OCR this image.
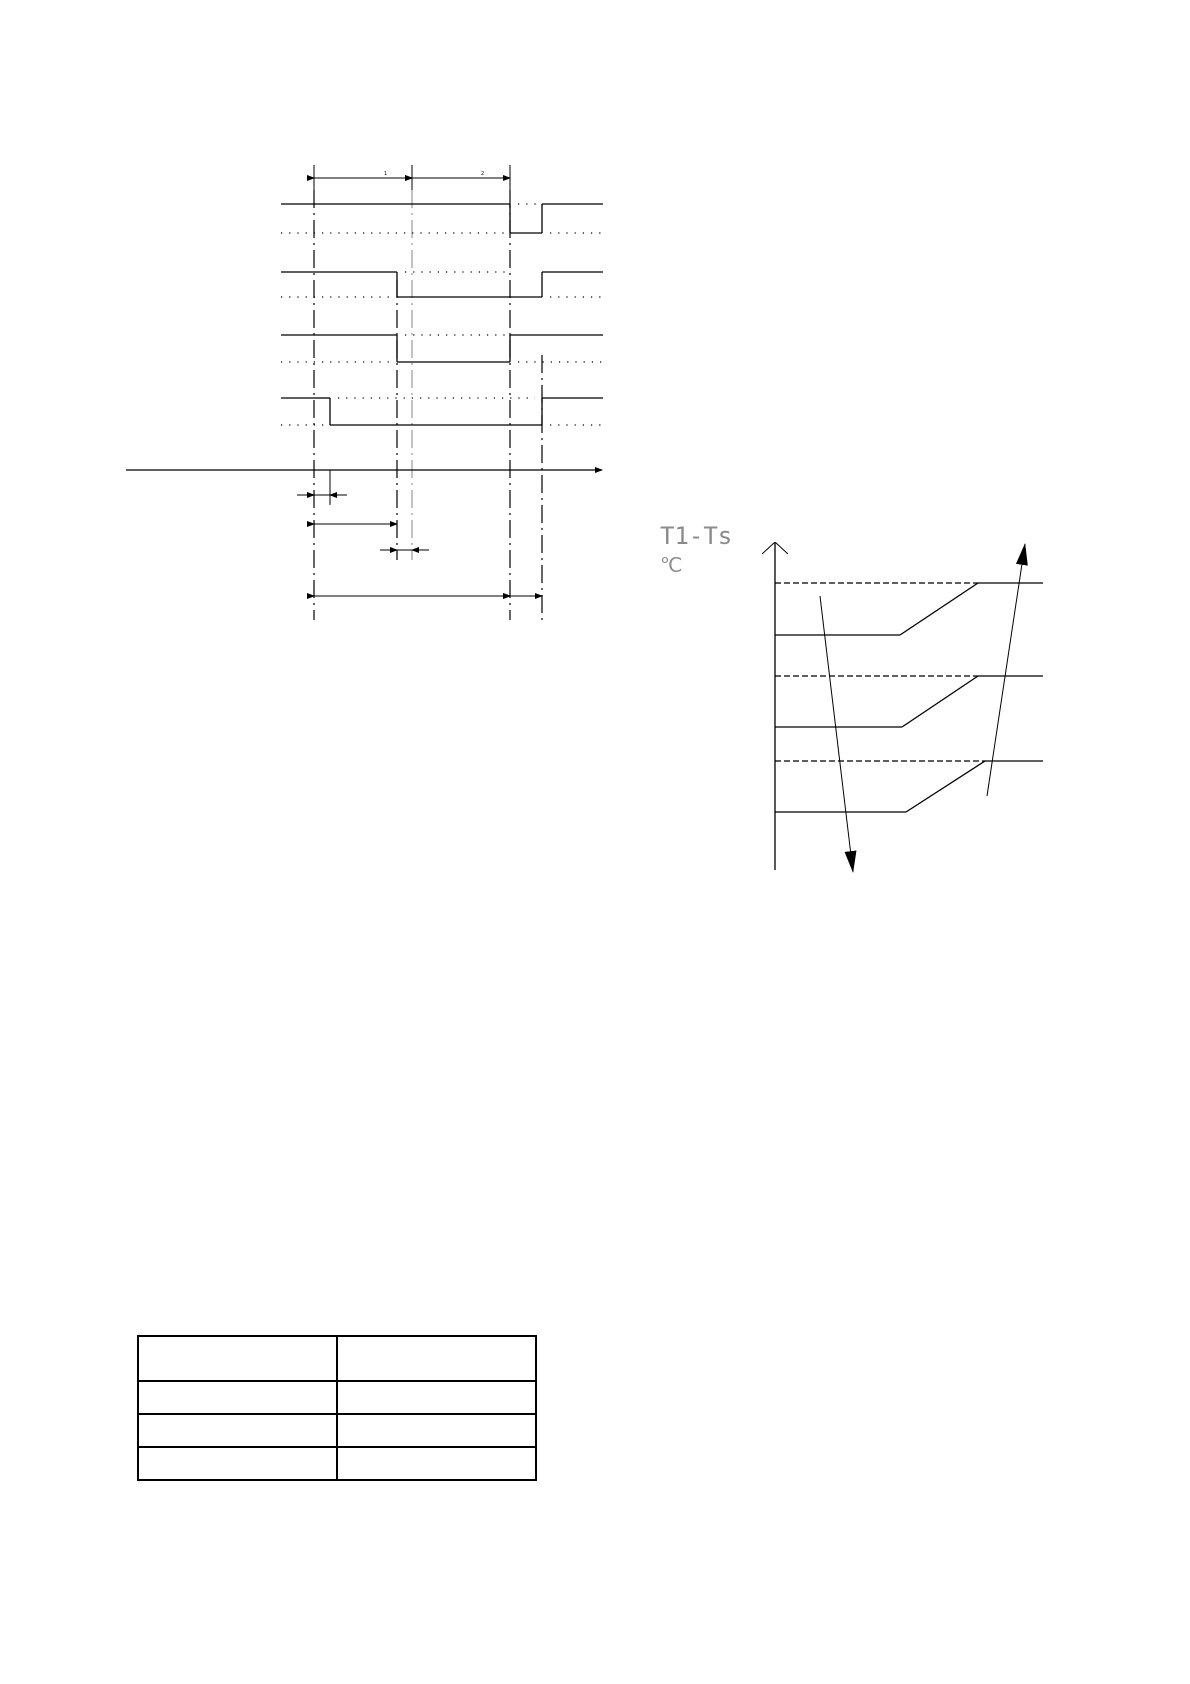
1	2
T1-Ts
℃
